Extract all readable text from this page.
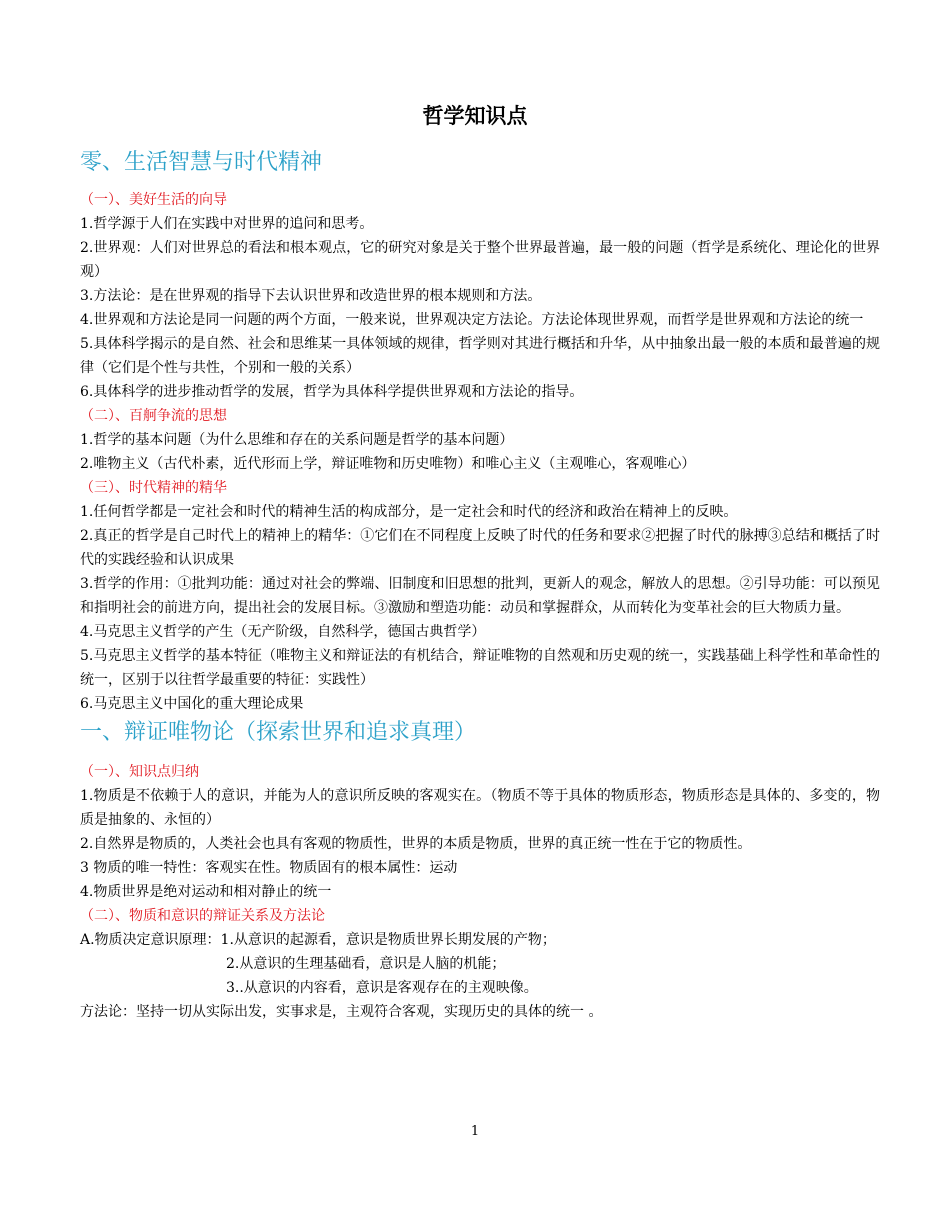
哲学知识点
零、生活智慧与时代精神
（一）、美好生活的向导

1.哲学源于人们在实践中对世界的追问和思考。

2.世界观：人们对世界总的看法和根本观点，它的研究对象是关于整个世界最普遍，最一般的问题（哲学是系统化、理论化的世界观）

3.方法论：是在世界观的指导下去认识世界和改造世界的根本规则和方法。

4.世界观和方法论是同一问题的两个方面，一般来说，世界观决定方法论。方法论体现世界观，而哲学是世界观和方法论的统一

5.具体科学揭示的是自然、社会和思维某一具体领域的规律，哲学则对其进行概括和升华，从中抽象出最一般的本质和最普遍的规律（它们是个性与共性，个别和一般的关系）

6.具体科学的进步推动哲学的发展，哲学为具体科学提供世界观和方法论的指导。

（二）、百舸争流的思想

1.哲学的基本问题（为什么思维和存在的关系问题是哲学的基本问题）

2.唯物主义（古代朴素，近代形而上学，辩证唯物和历史唯物）和唯心主义（主观唯心，客观唯心）

（三）、时代精神的精华

1.任何哲学都是一定社会和时代的精神生活的构成部分，是一定社会和时代的经济和政治在精神上的反映。

2.真正的哲学是自己时代上的精神上的精华：①它们在不同程度上反映了时代的任务和要求②把握了时代的脉搏③总结和概括了时代的实践经验和认识成果

3.哲学的作用：①批判功能：通过对社会的弊端、旧制度和旧思想的批判，更新人的观念，解放人的思想。②引导功能：可以预见和指明社会的前进方向，提出社会的发展目标。③激励和塑造功能：动员和掌握群众，从而转化为变革社会的巨大物质力量。

4.马克思主义哲学的产生（无产阶级，自然科学，德国古典哲学）

5.马克思主义哲学的基本特征（唯物主义和辩证法的有机结合，辩证唯物的自然观和历史观的统一，实践基础上科学性和革命性的统一，区别于以往哲学最重要的特征：实践性）

6.马克思主义中国化的重大理论成果

一、辩证唯物论（探索世界和追求真理）
（一）、知识点归纳

1.物质是不依赖于人的意识，并能为人的意识所反映的客观实在。（物质不等于具体的物质形态，物质形态是具体的、多变的，物质是抽象的、永恒的）

2.自然界是物质的，人类社会也具有客观的物质性，世界的本质是物质，世界的真正统一性在于它的物质性。

3 物质的唯一特性：客观实在性。物质固有的根本属性：运动

4.物质世界是绝对运动和相对静止的统一

（二）、物质和意识的辩证关系及方法论

A.物质决定意识原理：1.从意识的起源看，意识是物质世界长期发展的产物；

2.从意识的生理基础看，意识是人脑的机能；

3..从意识的内容看，意识是客观存在的主观映像。

方法论：坚持一切从实际出发，实事求是，主观符合客观，实现历史的具体的统一 。

1
